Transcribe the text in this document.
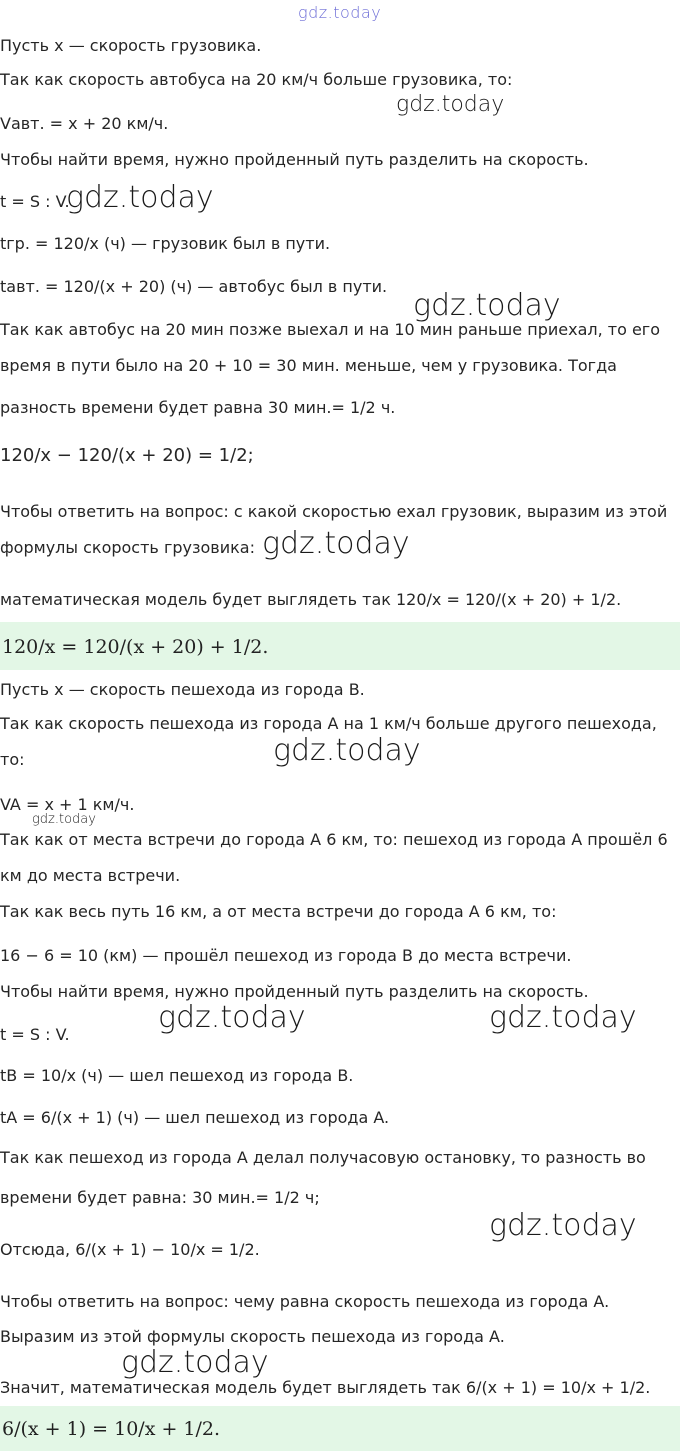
gdz.today
gdz.today
gdz.today
gdz.today
gdz.today
gdz.today
gdz.today
gdz.today	gdz.today
gdz.today
gdz.today
Пусть x — скорость грузовика.
Так как скорость автобуса на 20 км/ч больше грузовика, то:
Vавт. = x + 20 км/ч.
Чтобы найти время, нужно пройденный путь разделить на скорость.
t = S : V.
tгр. = 120/x (ч) — грузовик был в пути.
tавт. = 120/(x + 20) (ч) — автобус был в пути.
Так как автобус на 20 мин позже выехал и на 10 мин раньше приехал, то его
время в пути было на 20 + 10 = 30 мин. меньше, чем у грузовика. Тогда
разность времени будет равна 30 мин.= 1/2 ч.
120/x − 120/(x + 20) = 1/2;
Чтобы ответить на вопрос: с какой скоростью ехал грузовик, выразим из этой
формулы скорость грузовика:
математическая модель будет выглядеть так 120/x = 120/(x + 20) + 1/2.
120/x = 120/(x + 20) + 1/2.
Пусть x — скорость пешехода из города B.
Так как скорость пешехода из города A на 1 км/ч больше другого пешехода,
то:
VA = x + 1 км/ч.
Так как от места встречи до города A 6 км, то: пешеход из города A прошёл 6
км до места встречи.
Так как весь путь 16 км, а от места встречи до города A 6 км, то:
16 − 6 = 10 (км) — прошёл пешеход из города B до места встречи.
Чтобы найти время, нужно пройденный путь разделить на скорость.
t = S : V.
tB = 10/x (ч) — шел пешеход из города B.
tA = 6/(x + 1) (ч) — шел пешеход из города A.
Так как пешеход из города A делал получасовую остановку, то разность во
времени будет равна: 30 мин.= 1/2 ч;
Отсюда, 6/(x + 1) − 10/x = 1/2.
Чтобы ответить на вопрос: чему равна скорость пешехода из города A.
Выразим из этой формулы скорость пешехода из города A.
Значит, математическая модель будет выглядеть так 6/(x + 1) = 10/x + 1/2.
6/(x + 1) = 10/x + 1/2.
